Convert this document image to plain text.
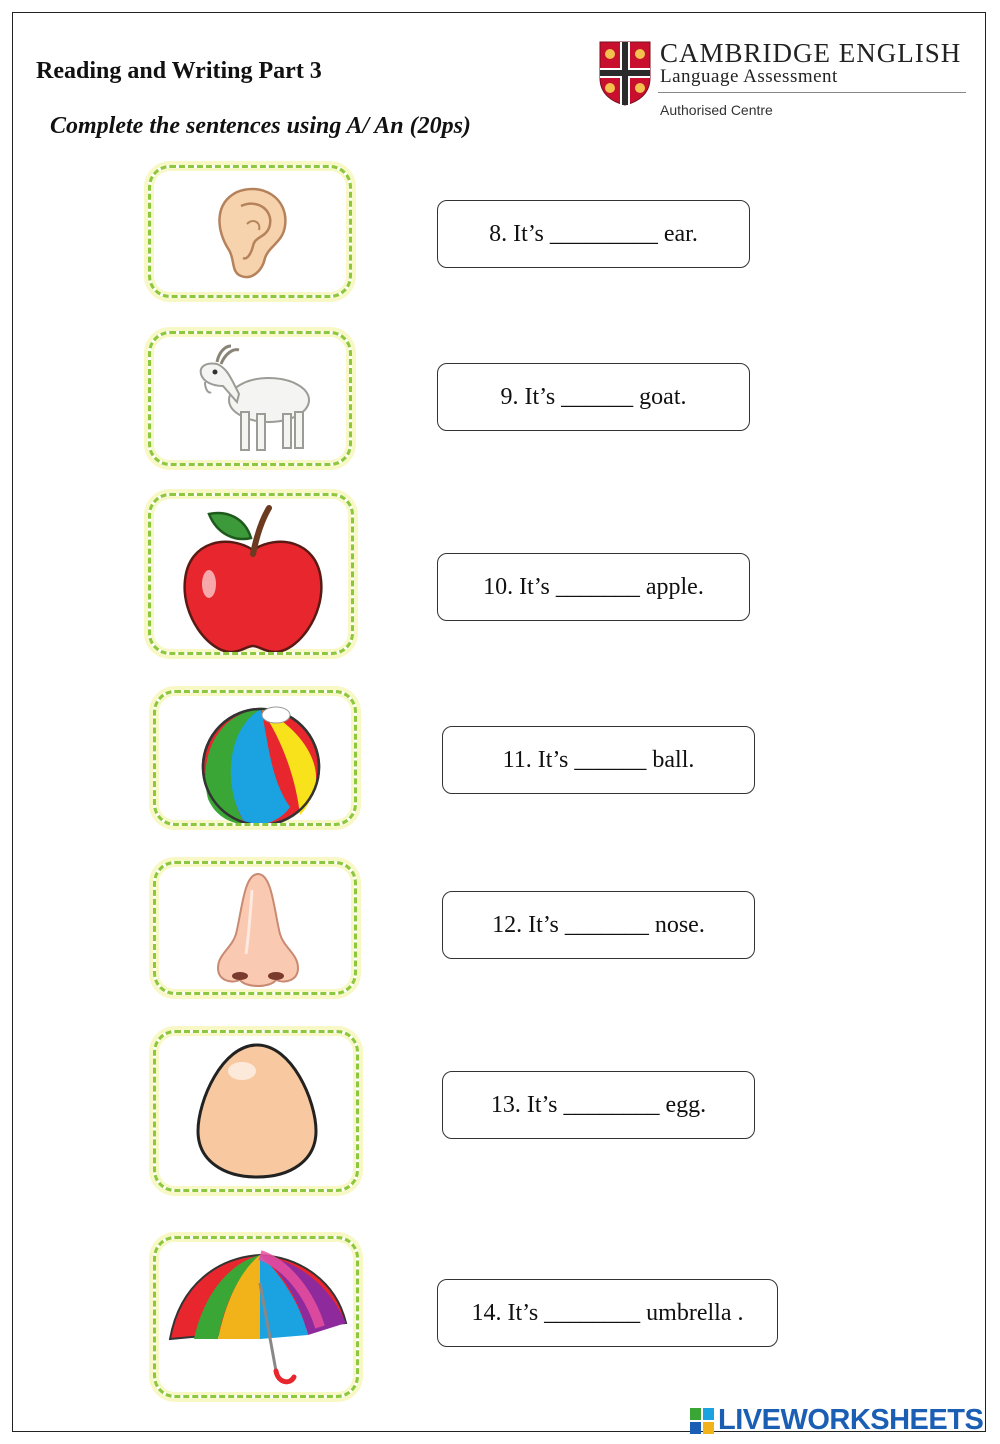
Reading and Writing Part 3
Complete the sentences using A/ An (20ps)
CAMBRIDGE ENGLISH
Language Assessment
Authorised Centre
8. It’s _________ ear.
9. It’s ______ goat.
10. It’s _______ apple.
11. It’s ______ ball.
12. It’s _______ nose.
13. It’s ________ egg.
14. It’s ________ umbrella .
LIVEWORKSHEETS
